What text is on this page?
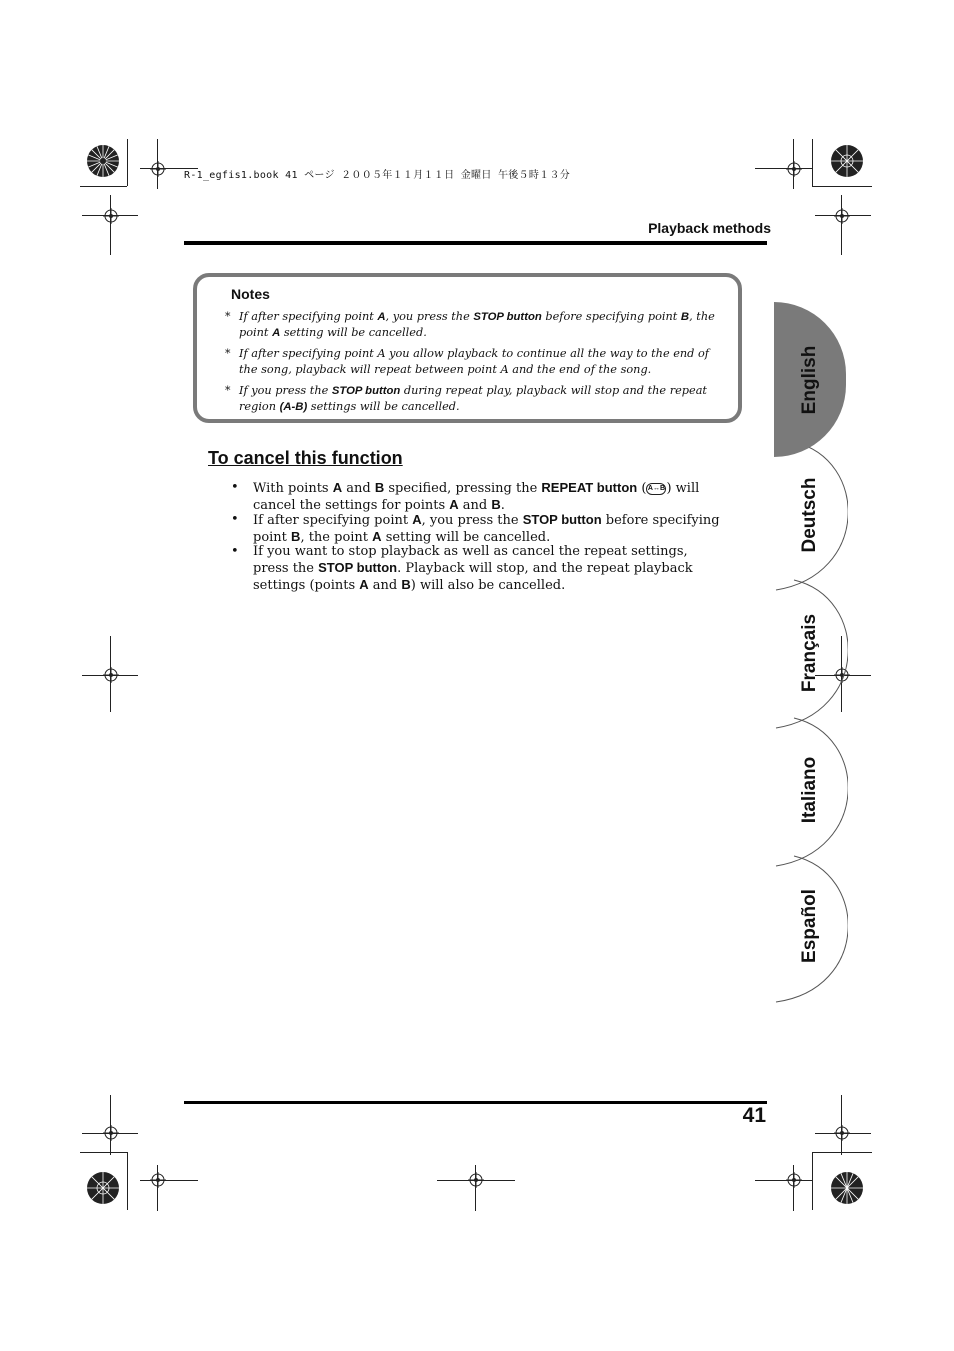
R-1_egfis1.book 41 ページ ２００５年１１月１１日 金曜日 午後５時１３分
Playback methods
Notes
* If after specifying point A, you press the STOP button before specifying point B, the point A setting will be cancelled.
* If after specifying point A you allow playback to continue all the way to the end of the song, playback will repeat between point A and the end of the song.
* If you press the STOP button during repeat play, playback will stop and the repeat region (A-B) settings will be cancelled.
To cancel this function
• With points A and B specified, pressing the REPEAT button (A↔B) will cancel the settings for points A and B.
• If after specifying point A, you press the STOP button before specifying point B, the point A setting will be cancelled.
• If you want to stop playback as well as cancel the repeat settings, press the STOP button. Playback will stop, and the repeat playback settings (points A and B) will also be cancelled.
English
Deutsch
Français
Italiano
Español
41
